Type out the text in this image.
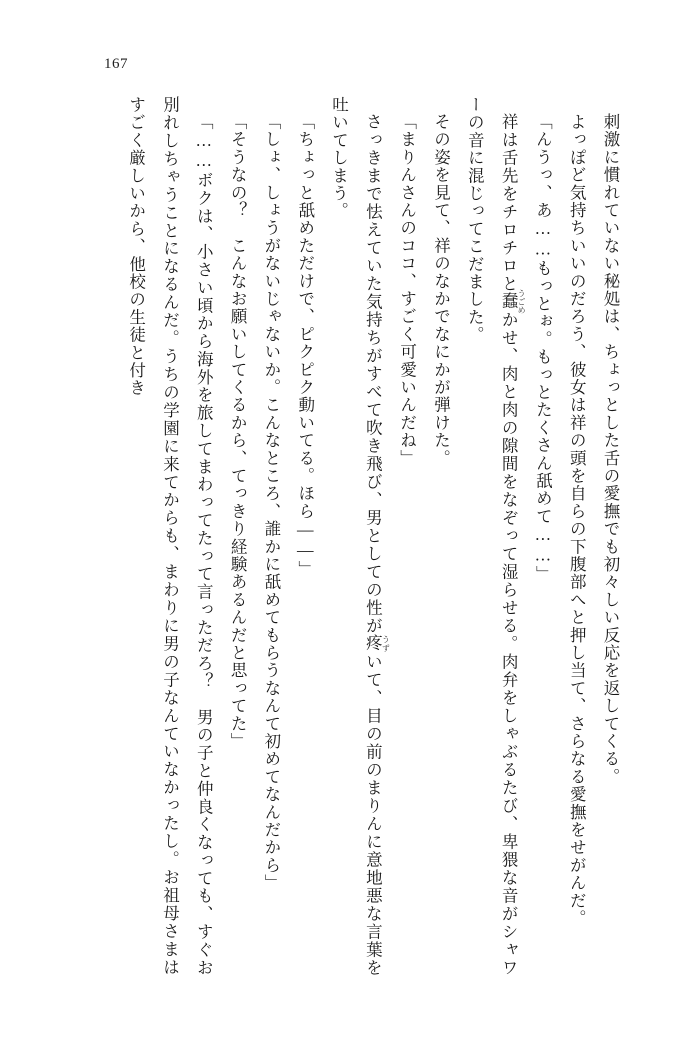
167

刺激に慣れていない秘処は、ちょっとした舌の愛撫でも初々しい反応を返してくる。

よっぽど気持ちいいのだろう、彼女は祥の頭を自らの下腹部へと押し当て、さらなる愛撫をせがんだ。

「んうっ、あ……もっとぉ。もっとたくさん舐めて……」

祥は舌先をチロチロと蠢 うごめかせ、肉と肉の隙間をなぞって湿らせる。肉弁をしゃぶるたび、卑猥な音がシャワーの音に混じってこだました。

その姿を見て、祥のなかでなにかが弾けた。

「まりんさんのココ、すごく可愛いんだね」

さっきまで怯えていた気持ちがすべて吹き飛び、男としての性が疼 うずいて、目の前のまりんに意地悪な言葉を吐いてしまう。

「ちょっと舐めただけで、ピクピク動いてる。ほら――」

「しょ、しょうがないじゃないか。こんなところ、誰かに舐めてもらうなんて初めてなんだから」

「そうなの？　こんなお願いしてくるから、てっきり経験あるんだと思ってた」

「……ボクは、小さい頃から海外を旅してまわってたって言っただろ？　男の子と仲良くなっても、すぐお別れしちゃうことになるんだ。うちの学園に来てからも、まわりに男の子なんていなかったし。お祖母さまはすごく厳しいから、他校の生徒と付き
